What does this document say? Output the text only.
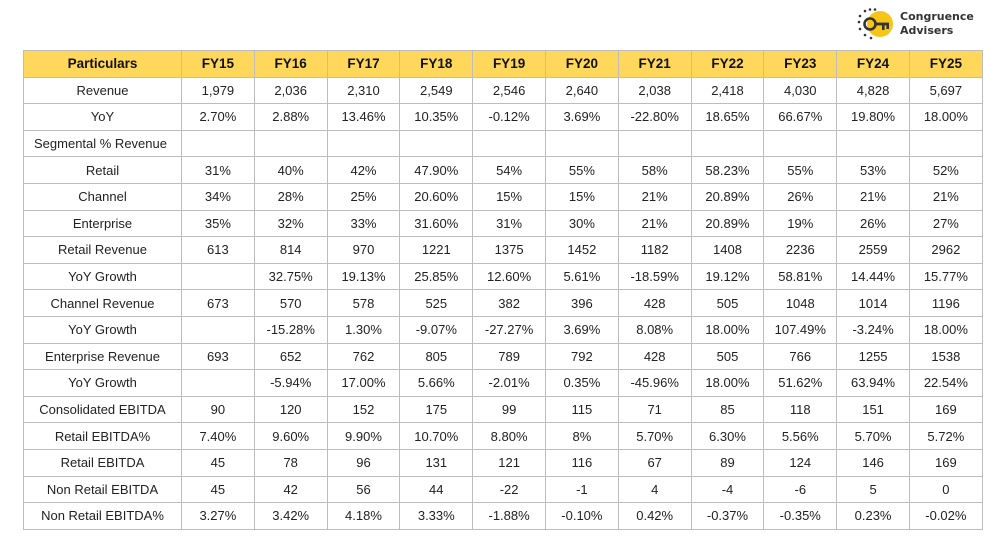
Congruence
Advisers
Particulars	FY15	FY16	FY17	FY18	FY19	FY20	FY21	FY22	FY23	FY24	FY25
Revenue	1,979	2,036	2,310	2,549	2,546	2,640	2,038	2,418	4,030	4,828	5,697
YoY	2.70%	2.88%	13.46%	10.35%	-0.12%	3.69%	-22.80%	18.65%	66.67%	19.80%	18.00%
Segmental % Revenue											
Retail	31%	40%	42%	47.90%	54%	55%	58%	58.23%	55%	53%	52%
Channel	34%	28%	25%	20.60%	15%	15%	21%	20.89%	26%	21%	21%
Enterprise	35%	32%	33%	31.60%	31%	30%	21%	20.89%	19%	26%	27%
Retail Revenue	613	814	970	1221	1375	1452	1182	1408	2236	2559	2962
YoY Growth		32.75%	19.13%	25.85%	12.60%	5.61%	-18.59%	19.12%	58.81%	14.44%	15.77%
Channel Revenue	673	570	578	525	382	396	428	505	1048	1014	1196
YoY Growth		-15.28%	1.30%	-9.07%	-27.27%	3.69%	8.08%	18.00%	107.49%	-3.24%	18.00%
Enterprise Revenue	693	652	762	805	789	792	428	505	766	1255	1538
YoY Growth		-5.94%	17.00%	5.66%	-2.01%	0.35%	-45.96%	18.00%	51.62%	63.94%	22.54%
Consolidated EBITDA	90	120	152	175	99	115	71	85	118	151	169
Retail EBITDA%	7.40%	9.60%	9.90%	10.70%	8.80%	8%	5.70%	6.30%	5.56%	5.70%	5.72%
Retail EBITDA	45	78	96	131	121	116	67	89	124	146	169
Non Retail EBITDA	45	42	56	44	-22	-1	4	-4	-6	5	0
Non Retail EBITDA%	3.27%	3.42%	4.18%	3.33%	-1.88%	-0.10%	0.42%	-0.37%	-0.35%	0.23%	-0.02%
